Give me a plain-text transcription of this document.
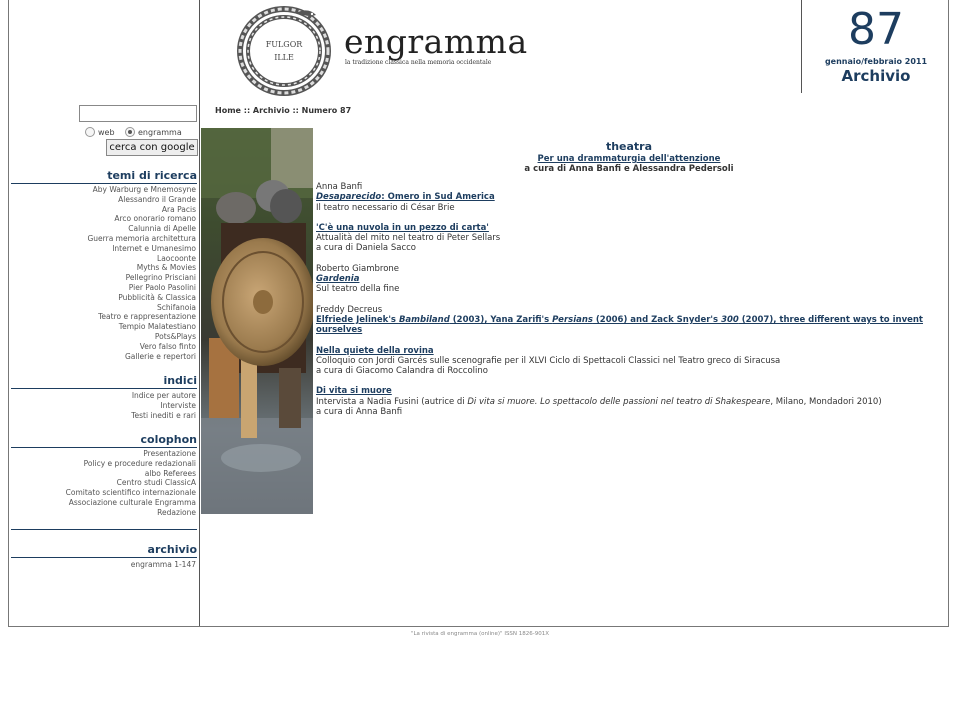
web	engramma
cerca con google
temi di ricerca
Aby Warburg e Mnemosyne
Alessandro il Grande
Ara Pacis
Arco onorario romano
Calunnia di Apelle
Guerra memoria architettura
Internet e Umanesimo
Laocoonte
Myths & Movies
Pellegrino Prisciani
Pier Paolo Pasolini
Pubblicità & Classica
Schifanoia
Teatro e rappresentazione
Tempio Malatestiano
Pots&Plays
Vero falso finto
Gallerie e repertori
indici
Indice per autore
Interviste
Testi inediti e rari
colophon
Presentazione
Policy e procedure redazionali
albo Referees
Centro studi ClassicA
Comitato scientifico internazionale
Associazione culturale Engramma
Redazione
archivio
engramma 1-147
FULGOR
ILLE engramma
la tradizione classica nella memoria occidentale
87
gennaio/febbraio 2011
Archivio
Home :: Archivio :: Numero 87
theatra
Per una drammaturgia dell'attenzione
a cura di Anna Banfi e Alessandra Pedersoli
Anna Banfi
Desaparecido: Omero in Sud America
Il teatro necessario di César Brie
'C'è una nuvola in un pezzo di carta'
Attualità del mito nel teatro di Peter Sellars
a cura di Daniela Sacco
Roberto Giambrone
Gardenia
Sul teatro della fine
Freddy Decreus
Elfriede Jelinek's Bambiland (2003), Yana Zarifi's Persians (2006) and Zack Snyder's 300 (2007), three different ways to invent ourselves
Nella quiete della rovina
Colloquio con Jordi Garcés sulle scenografie per il XLVI Ciclo di Spettacoli Classici nel Teatro greco di Siracusa
a cura di Giacomo Calandra di Roccolino
Di vita si muore
Intervista a Nadia Fusini (autrice di Di vita si muore. Lo spettacolo delle passioni nel teatro di Shakespeare, Milano, Mondadori 2010)
a cura di Anna Banfi
"La rivista di engramma (online)" ISSN 1826-901X
